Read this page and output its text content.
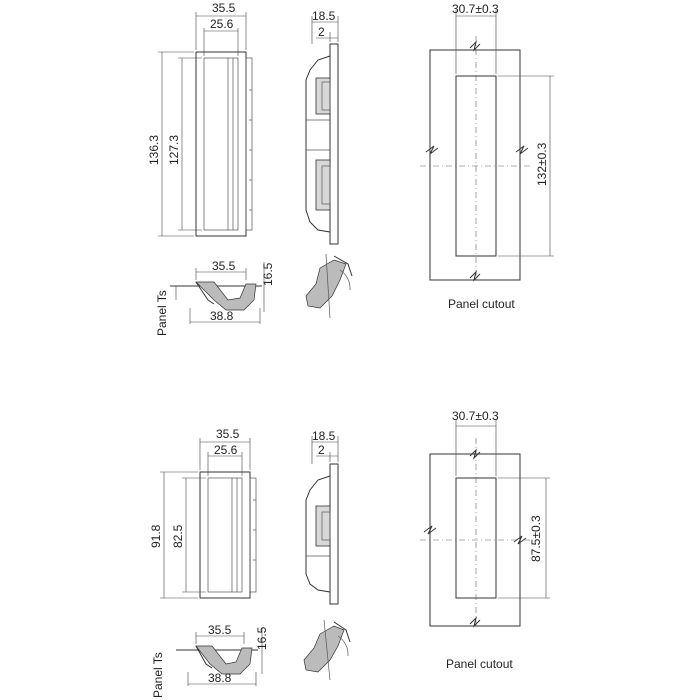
35.5
25.6
136.3 127.3
18.5
2
35.5 16.5
38.8
Panel Ts
30.7±0.3
132±0.3
Panel cutout
35.5
25.6
91.8 82.5
18.5
2
35.5 16.5
38.8
Panel Ts
30.7±0.3
87.5±0.3
Panel cutout
